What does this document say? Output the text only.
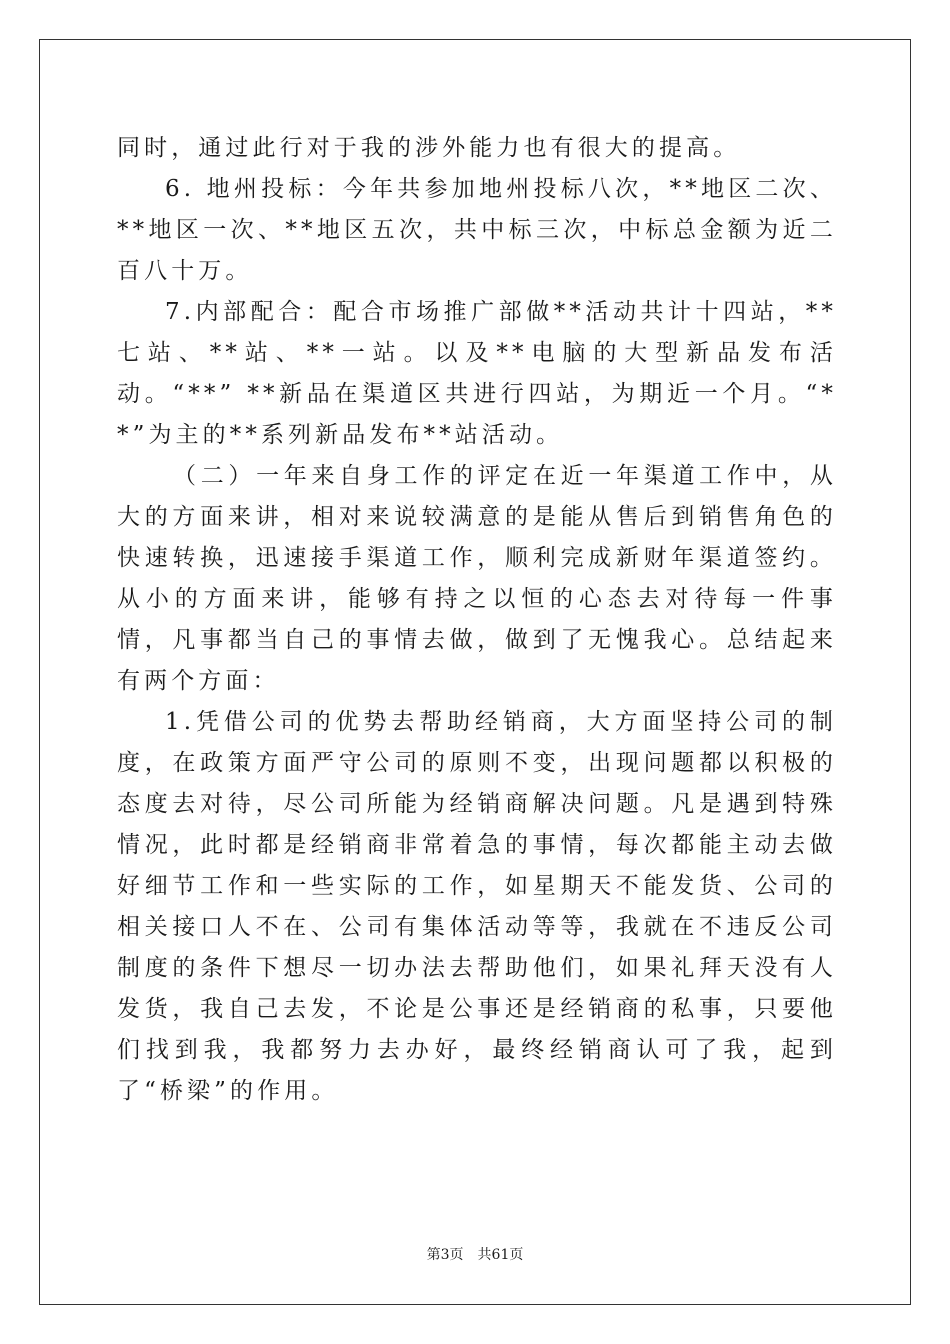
同时，通过此行对于我的涉外能力也有很大的提高。

6. 地州投标：今年共参加地州投标八次，**地区二次、**地区一次、**地区五次，共中标三次，中标总金额为近二百八十万。

7.内部配合：配合市场推广部做**活动共计十四站，**七站、**站、**一站。以及**电脑的大型新品发布活动。“**” **新品在渠道区共进行四站，为期近一个月。“**”为主的**系列新品发布**站活动。

（二）一年来自身工作的评定在近一年渠道工作中，从大的方面来讲，相对来说较满意的是能从售后到销售角色的快速转换，迅速接手渠道工作，顺利完成新财年渠道签约。从小的方面来讲，能够有持之以恒的心态去对待每一件事情，凡事都当自己的事情去做，做到了无愧我心。总结起来有两个方面：

1.凭借公司的优势去帮助经销商，大方面坚持公司的制度，在政策方面严守公司的原则不变，出现问题都以积极的态度去对待，尽公司所能为经销商解决问题。凡是遇到特殊情况，此时都是经销商非常着急的事情，每次都能主动去做好细节工作和一些实际的工作，如星期天不能发货、公司的相关接口人不在、公司有集体活动等等，我就在不违反公司制度的条件下想尽一切办法去帮助他们，如果礼拜天没有人发货，我自己去发，不论是公事还是经销商的私事，只要他们找到我，我都努力去办好，最终经销商认可了我，起到了“桥梁”的作用。

第3页　共61页
